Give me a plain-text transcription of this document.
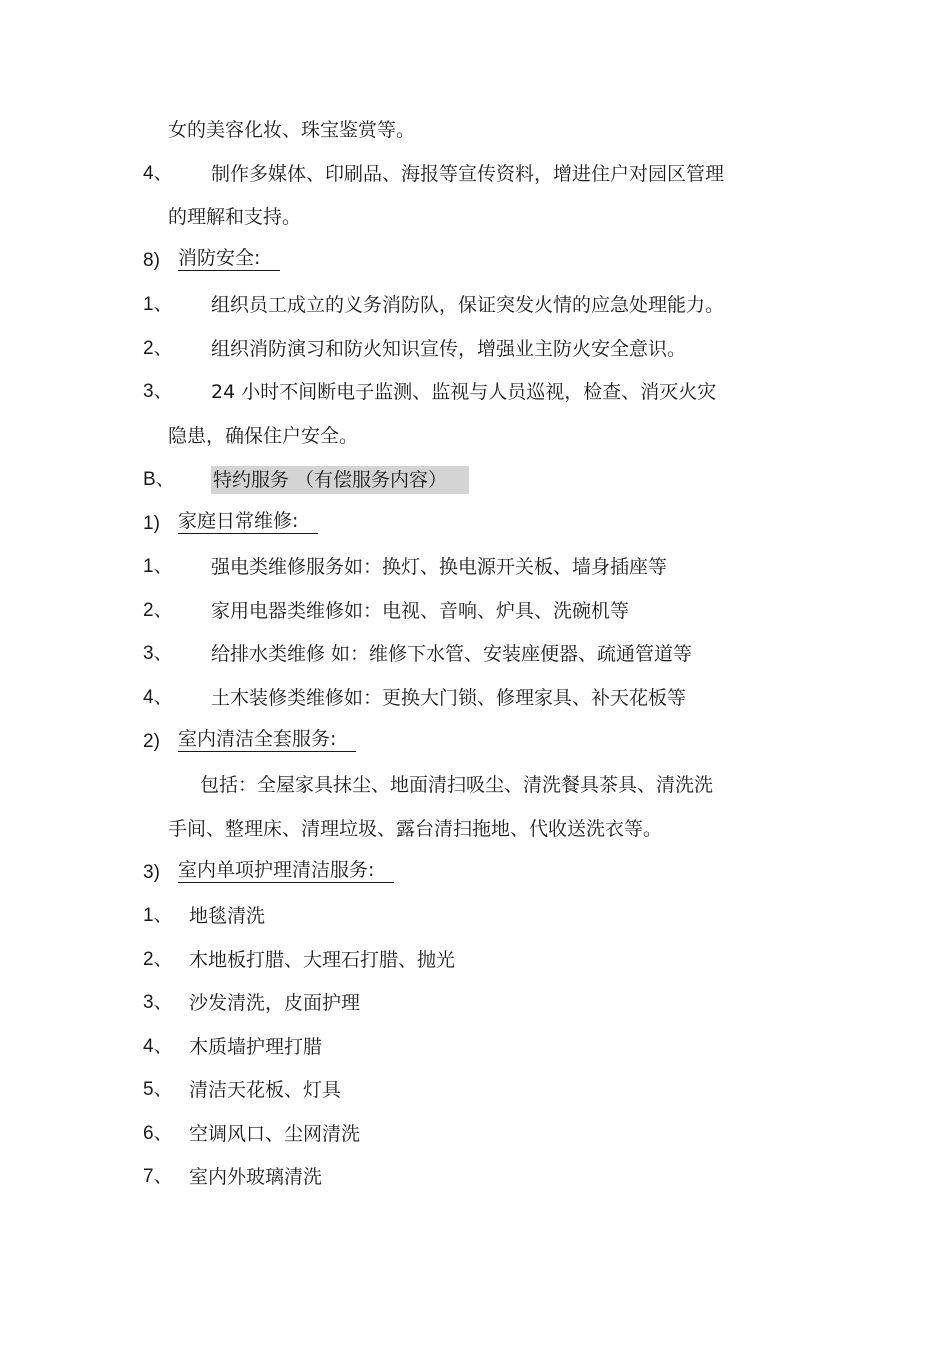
女的美容化妆、珠宝鉴赏等。
4、 制作多媒体、印刷品、海报等宣传资料，增进住户对园区管理
的理解和支持。
8) 消防安全:
1、 组织员工成立的义务消防队，保证突发火情的应急处理能力。
2、 组织消防演习和防火知识宣传，增强业主防火安全意识。
3、 24 小时不间断电子监测、监视与人员巡视，检查、消灭火灾
隐患，确保住户安全。
B、 特约服务 （有偿服务内容）
1) 家庭日常维修:
1、 强电类维修服务如：换灯、换电源开关板、墙身插座等
2、 家用电器类维修如：电视、音响、炉具、洗碗机等
3、 给排水类维修 如：维修下水管、安装座便器、疏通管道等
4、 土木装修类维修如：更换大门锁、修理家具、补天花板等
2) 室内清洁全套服务:
包括：全屋家具抹尘、地面清扫吸尘、清洗餐具茶具、清洗洗
手间、整理床、清理垃圾、露台清扫拖地、代收送洗衣等。
3) 室内单项护理清洁服务:
1、 地毯清洗
2、 木地板打腊、大理石打腊、抛光
3、 沙发清洗，皮面护理
4、 木质墙护理打腊
5、 清洁天花板、灯具
6、 空调风口、尘网清洗
7、 室内外玻璃清洗
